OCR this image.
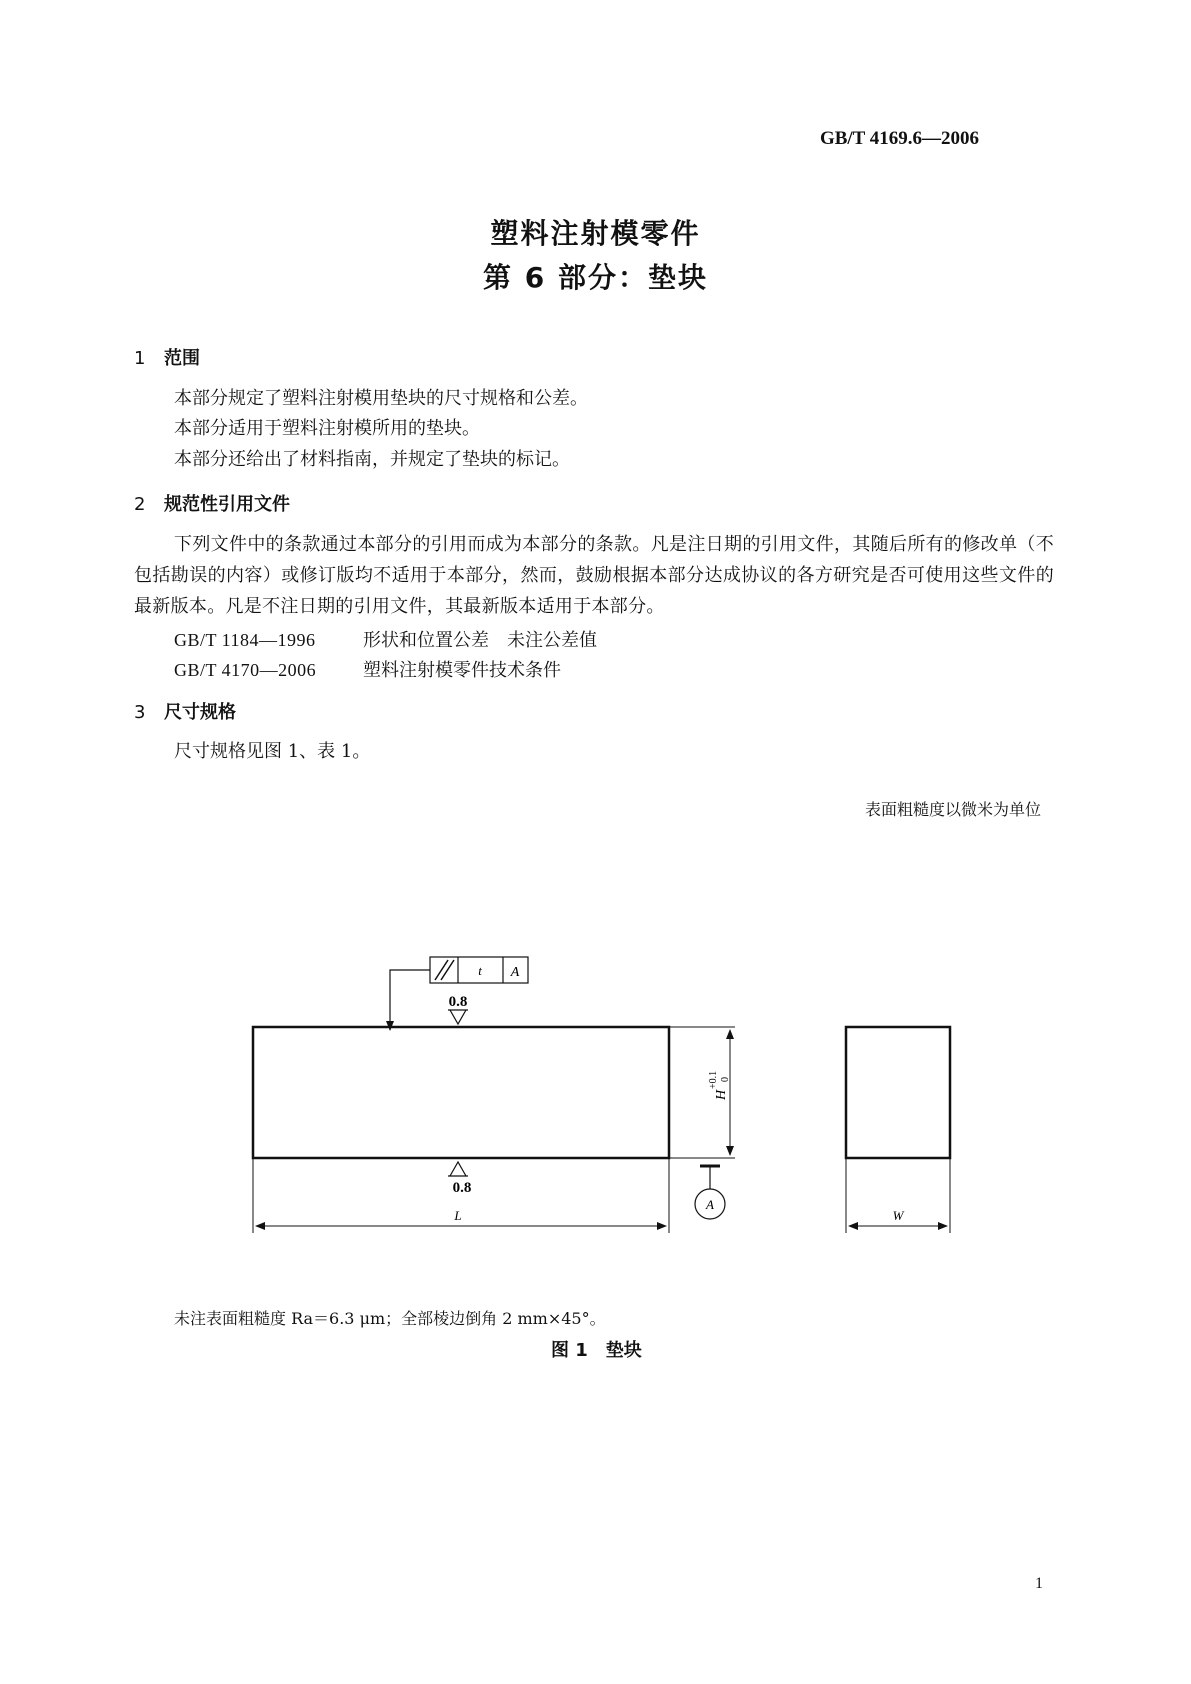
GB/T 4169.6—2006
塑料注射模零件
第 6 部分：垫块
1 范围
本部分规定了塑料注射模用垫块的尺寸规格和公差。
本部分适用于塑料注射模所用的垫块。
本部分还给出了材料指南，并规定了垫块的标记。
2 规范性引用文件
下列文件中的条款通过本部分的引用而成为本部分的条款。凡是注日期的引用文件，其随后所有的修改单（不包括勘误的内容）或修订版均不适用于本部分，然而，鼓励根据本部分达成协议的各方研究是否可使用这些文件的最新版本。凡是不注日期的引用文件，其最新版本适用于本部分。
GB/T 1184—1996	形状和位置公差　未注公差值
GB/T 4170—2006	塑料注射模零件技术条件
3 尺寸规格
尺寸规格见图 1、表 1。
表面粗糙度以微米为单位
t A
0.8
0.8
H
+0.1 0
A
L	W
未注表面粗糙度 Ra＝6.3 μm；全部棱边倒角 2 mm×45°。
图 1　垫块
1
